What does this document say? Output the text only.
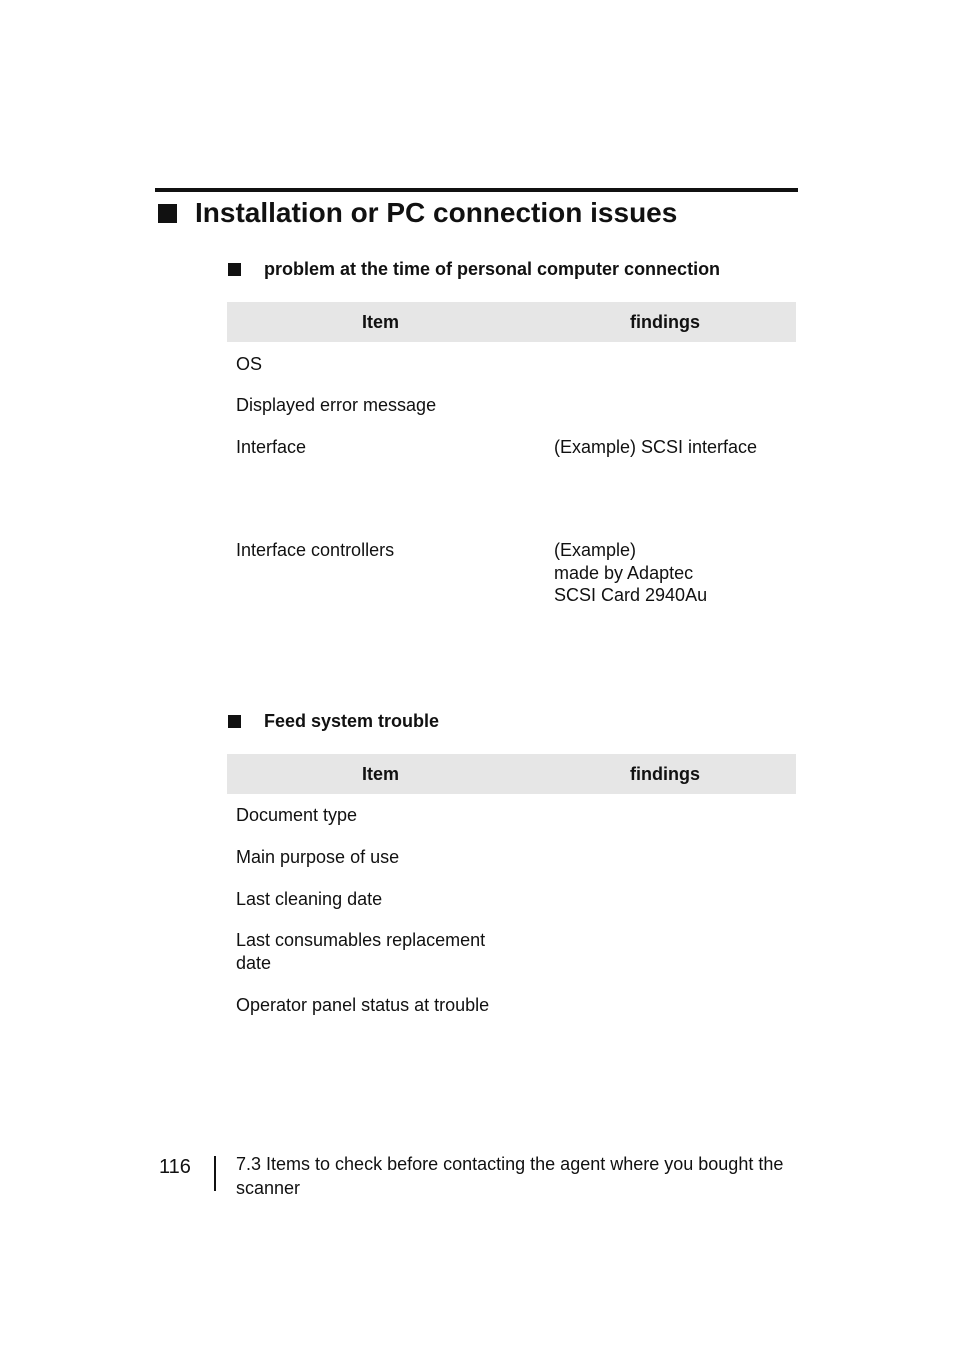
Installation or PC connection issues
problem at the time of personal computer connection
Item	findings
OS
Displayed error message
Interface	(Example) SCSI interface
Interface controllers	(Example)
made by Adaptec
SCSI Card 2940Au
Feed system trouble
Item	findings
Document type
Main purpose of use
Last cleaning date
Last consumables replacement date
Operator panel status at trouble
116	7.3 Items to check before contacting the agent where you bought the scanner
